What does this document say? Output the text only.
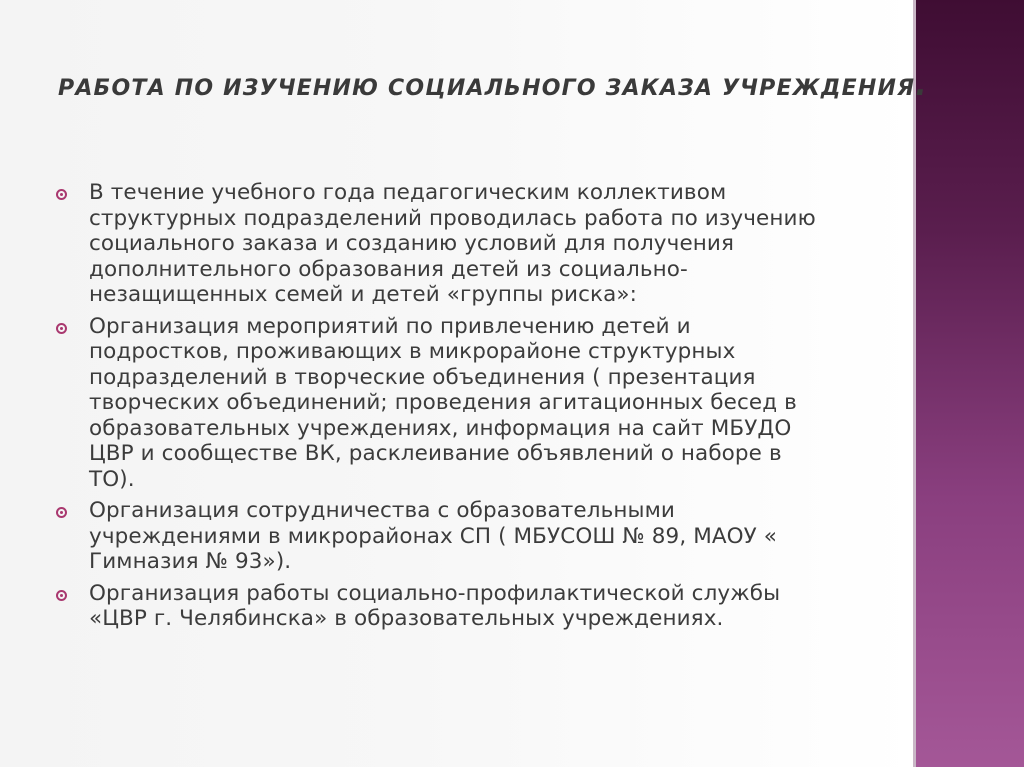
РАБОТА ПО ИЗУЧЕНИЮ СОЦИАЛЬНОГО ЗАКАЗА УЧРЕЖДЕНИЯ.
В течение учебного года педагогическим коллективом
структурных подразделений проводилась работа по изучению
социального заказа и созданию условий для получения
дополнительного образования детей из социально-
незащищенных семей и детей «группы риска»:
Организация мероприятий по привлечению детей и
подростков, проживающих в микрорайоне структурных
подразделений в творческие объединения ( презентация
творческих объединений; проведения агитационных бесед в
образовательных учреждениях, информация на сайт МБУДО
ЦВР и сообществе ВК, расклеивание объявлений о наборе в
ТО).
Организация сотрудничества с образовательными
учреждениями в микрорайонах СП ( МБУСОШ № 89, МАОУ «
Гимназия № 93»).
Организация работы социально-профилактической службы
«ЦВР г. Челябинска» в образовательных учреждениях.
